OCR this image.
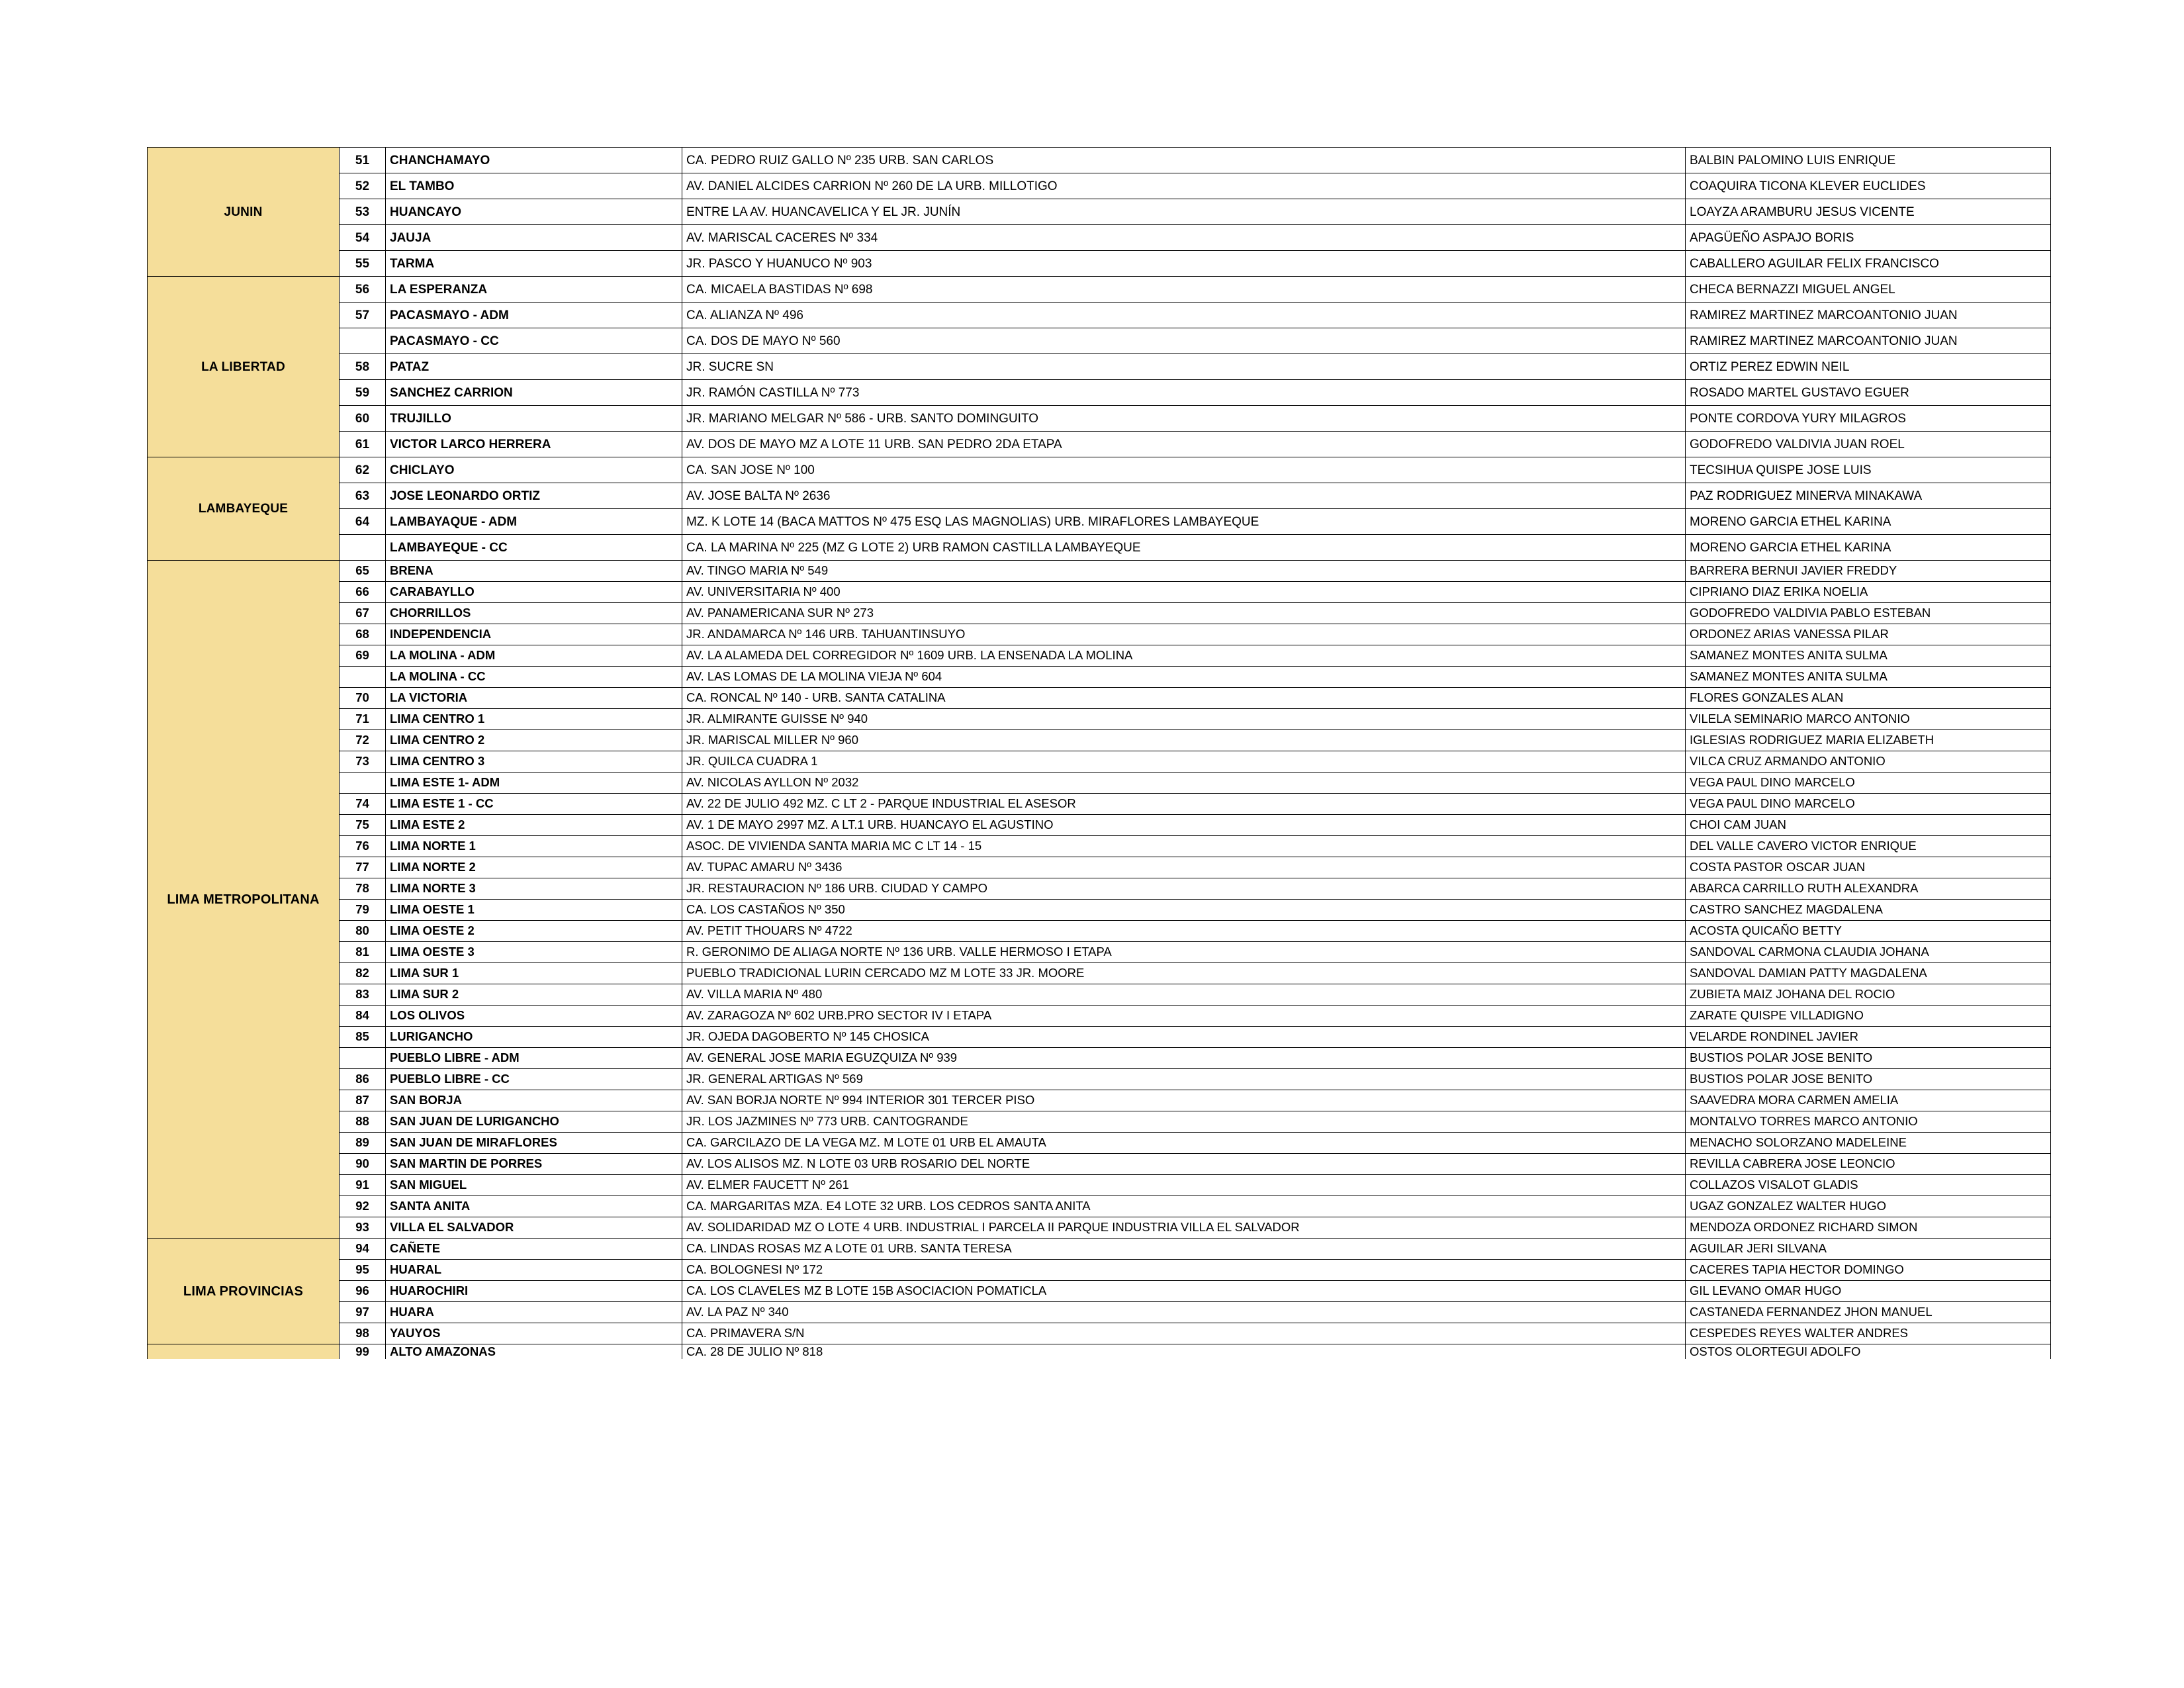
JUNIN	51	CHANCHAMAYO	CA. PEDRO RUIZ GALLO Nº 235 URB. SAN CARLOS	BALBIN PALOMINO LUIS ENRIQUE
	52	EL TAMBO	AV. DANIEL ALCIDES CARRION Nº 260 DE LA URB. MILLOTIGO	COAQUIRA TICONA KLEVER EUCLIDES
	53	HUANCAYO	ENTRE LA AV. HUANCAVELICA Y EL JR. JUNÍN	LOAYZA ARAMBURU JESUS VICENTE
	54	JAUJA	AV. MARISCAL CACERES Nº 334	APAGÜEÑO ASPAJO BORIS
	55	TARMA	JR. PASCO Y HUANUCO Nº 903	CABALLERO AGUILAR FELIX FRANCISCO
LA LIBERTAD	56	LA ESPERANZA	CA. MICAELA BASTIDAS Nº 698	CHECA BERNAZZI MIGUEL ANGEL
	57	PACASMAYO - ADM	CA. ALIANZA Nº 496	RAMIREZ MARTINEZ MARCOANTONIO JUAN
		PACASMAYO - CC	CA. DOS DE MAYO Nº 560	RAMIREZ MARTINEZ MARCOANTONIO JUAN
	58	PATAZ	JR. SUCRE SN	ORTIZ PEREZ EDWIN NEIL
	59	SANCHEZ CARRION	JR. RAMÓN CASTILLA Nº 773	ROSADO MARTEL GUSTAVO EGUER
	60	TRUJILLO	JR. MARIANO MELGAR Nº 586 - URB. SANTO DOMINGUITO	PONTE CORDOVA YURY MILAGROS
	61	VICTOR LARCO HERRERA	AV. DOS DE MAYO MZ A LOTE 11 URB. SAN PEDRO 2DA ETAPA	GODOFREDO VALDIVIA JUAN ROEL
LAMBAYEQUE	62	CHICLAYO	CA. SAN JOSE Nº 100	TECSIHUA QUISPE JOSE LUIS
	63	JOSE LEONARDO ORTIZ	AV. JOSE BALTA Nº 2636	PAZ RODRIGUEZ MINERVA MINAKAWA
	64	LAMBAYAQUE - ADM	MZ. K LOTE 14 (BACA MATTOS Nº 475 ESQ LAS MAGNOLIAS) URB. MIRAFLORES LAMBAYEQUE	MORENO GARCIA ETHEL KARINA
		LAMBAYEQUE - CC	CA. LA MARINA Nº 225 (MZ G LOTE 2) URB RAMON CASTILLA LAMBAYEQUE	MORENO GARCIA ETHEL KARINA
LIMA METROPOLITANA	65	BRENA	AV. TINGO MARIA Nº 549	BARRERA BERNUI JAVIER FREDDY
	66	CARABAYLLO	AV. UNIVERSITARIA Nº 400	CIPRIANO DIAZ ERIKA NOELIA
	67	CHORRILLOS	AV. PANAMERICANA SUR Nº 273	GODOFREDO VALDIVIA PABLO ESTEBAN
	68	INDEPENDENCIA	JR. ANDAMARCA Nº 146 URB. TAHUANTINSUYO	ORDONEZ ARIAS VANESSA PILAR
	69	LA MOLINA - ADM	AV. LA ALAMEDA DEL CORREGIDOR Nº 1609 URB. LA ENSENADA LA MOLINA	SAMANEZ MONTES ANITA SULMA
		LA MOLINA - CC	AV. LAS LOMAS DE LA MOLINA VIEJA Nº 604	SAMANEZ MONTES ANITA SULMA
	70	LA VICTORIA	CA. RONCAL Nº 140 - URB. SANTA CATALINA	FLORES GONZALES ALAN
	71	LIMA CENTRO 1	JR. ALMIRANTE GUISSE Nº 940	VILELA SEMINARIO MARCO ANTONIO
	72	LIMA CENTRO 2	JR. MARISCAL MILLER Nº 960	IGLESIAS RODRIGUEZ MARIA ELIZABETH
	73	LIMA CENTRO 3	JR. QUILCA CUADRA 1	VILCA CRUZ ARMANDO ANTONIO
		LIMA ESTE 1- ADM	AV. NICOLAS AYLLON Nº 2032	VEGA PAUL DINO MARCELO
	74	LIMA ESTE 1 - CC	AV. 22 DE JULIO 492 MZ. C LT 2 - PARQUE INDUSTRIAL EL ASESOR	VEGA PAUL DINO MARCELO
	75	LIMA ESTE 2	AV. 1 DE MAYO 2997 MZ. A LT.1 URB. HUANCAYO EL AGUSTINO	CHOI CAM JUAN
	76	LIMA NORTE 1	ASOC. DE VIVIENDA SANTA MARIA MC C LT 14 - 15	DEL VALLE CAVERO VICTOR ENRIQUE
	77	LIMA NORTE 2	AV. TUPAC AMARU Nº 3436	COSTA PASTOR OSCAR JUAN
	78	LIMA NORTE 3	JR. RESTAURACION Nº 186 URB. CIUDAD Y CAMPO	ABARCA CARRILLO RUTH ALEXANDRA
	79	LIMA OESTE 1	CA. LOS CASTAÑOS Nº 350	CASTRO SANCHEZ MAGDALENA
	80	LIMA OESTE 2	AV. PETIT THOUARS Nº 4722	ACOSTA QUICAÑO BETTY
	81	LIMA OESTE 3	R. GERONIMO DE ALIAGA NORTE Nº 136 URB. VALLE HERMOSO I ETAPA	SANDOVAL CARMONA CLAUDIA JOHANA
	82	LIMA SUR 1	PUEBLO TRADICIONAL LURIN CERCADO MZ M LOTE 33 JR. MOORE	SANDOVAL DAMIAN PATTY MAGDALENA
	83	LIMA SUR 2	AV. VILLA MARIA Nº 480	ZUBIETA MAIZ JOHANA DEL ROCIO
	84	LOS OLIVOS	AV. ZARAGOZA Nº 602 URB.PRO SECTOR IV I ETAPA	ZARATE QUISPE VILLADIGNO
	85	LURIGANCHO	JR. OJEDA DAGOBERTO Nº 145 CHOSICA	VELARDE RONDINEL JAVIER
		PUEBLO LIBRE - ADM	AV. GENERAL JOSE MARIA EGUZQUIZA Nº 939	BUSTIOS POLAR JOSE BENITO
	86	PUEBLO LIBRE - CC	JR. GENERAL ARTIGAS Nº 569	BUSTIOS POLAR JOSE BENITO
	87	SAN BORJA	AV. SAN BORJA NORTE Nº 994 INTERIOR 301 TERCER PISO	SAAVEDRA MORA CARMEN AMELIA
	88	SAN JUAN DE LURIGANCHO	JR. LOS JAZMINES Nº 773 URB. CANTOGRANDE	MONTALVO TORRES MARCO ANTONIO
	89	SAN JUAN DE MIRAFLORES	CA. GARCILAZO DE LA VEGA MZ. M LOTE 01 URB EL AMAUTA	MENACHO SOLORZANO MADELEINE
	90	SAN MARTIN DE PORRES	AV. LOS ALISOS MZ. N LOTE 03 URB ROSARIO DEL NORTE	REVILLA CABRERA JOSE LEONCIO
	91	SAN MIGUEL	AV. ELMER FAUCETT Nº 261	COLLAZOS VISALOT GLADIS
	92	SANTA ANITA	CA. MARGARITAS MZA. E4 LOTE 32 URB. LOS CEDROS SANTA ANITA	UGAZ GONZALEZ WALTER HUGO
	93	VILLA EL SALVADOR	AV. SOLIDARIDAD MZ O LOTE 4 URB. INDUSTRIAL I PARCELA II PARQUE INDUSTRIA VILLA EL SALVADOR	MENDOZA ORDONEZ RICHARD SIMON
LIMA PROVINCIAS	94	CAÑETE	CA. LINDAS ROSAS MZ A LOTE 01 URB. SANTA TERESA	AGUILAR JERI SILVANA
	95	HUARAL	CA. BOLOGNESI Nº 172	CACERES TAPIA HECTOR DOMINGO
	96	HUAROCHIRI	CA. LOS CLAVELES MZ B LOTE 15B ASOCIACION POMATICLA	GIL LEVANO OMAR HUGO
	97	HUARA	AV. LA PAZ Nº 340	CASTANEDA FERNANDEZ JHON MANUEL
	98	YAUYOS	CA. PRIMAVERA S/N	CESPEDES REYES WALTER ANDRES
	99	ALTO AMAZONAS	CA. 28 DE JULIO Nº 818	OSTOS OLORTEGUI ADOLFO
